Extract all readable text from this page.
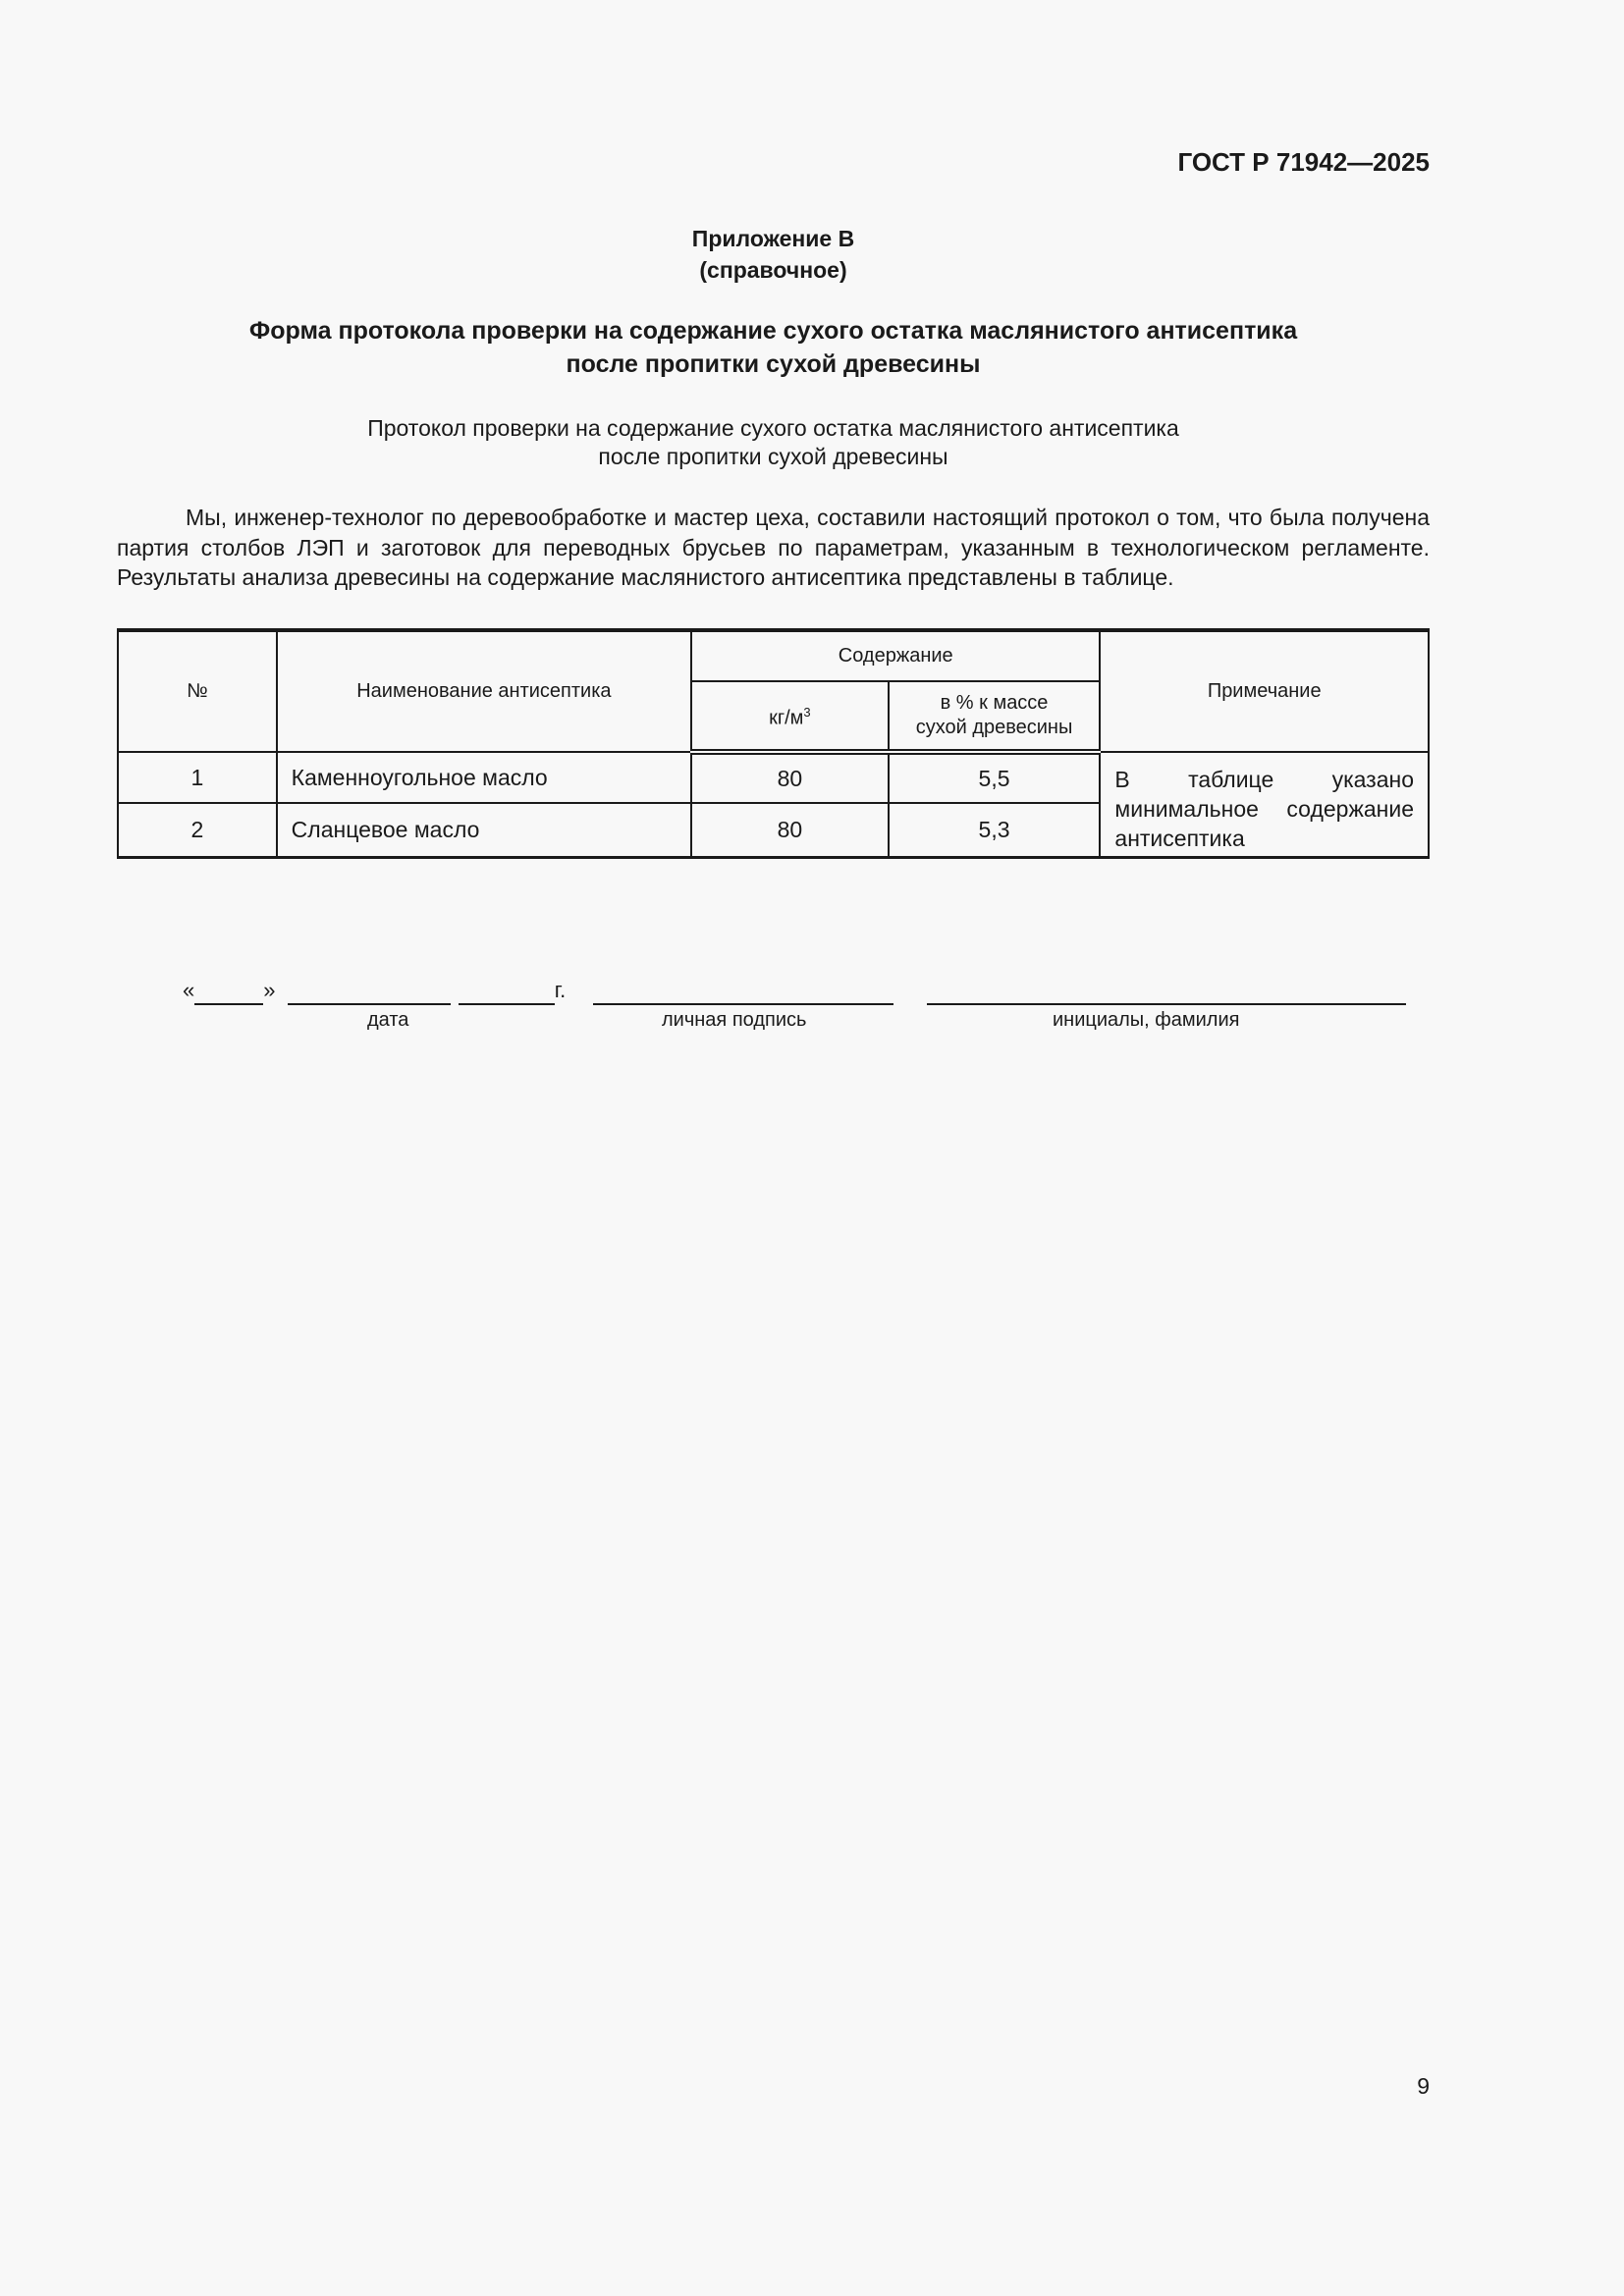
ГОСТ Р 71942—2025
Приложение В
(справочное)
Форма протокола проверки на содержание сухого остатка маслянистого антисептика
после пропитки сухой древесины
Протокол проверки на содержание сухого остатка маслянистого антисептика
после пропитки сухой древесины
Мы, инженер-технолог по деревообработке и мастер цеха, составили настоящий протокол о том, что была получена партия столбов ЛЭП и заготовок для переводных брусьев по параметрам, указанным в технологическом регламенте. Результаты анализа древесины на содержание маслянистого антисептика представлены в таблице.
№	Наименование антисептика	Содержание	Примечание
$кг/м^3$	в % к массе
сухой древесины
1	Каменноугольное масло	80	5,5	В таблице указано минимальное содержание антисептика
2	Сланцевое масло	80	5,3
«	»	г.
дата	личная подпись	инициалы, фамилия
9
